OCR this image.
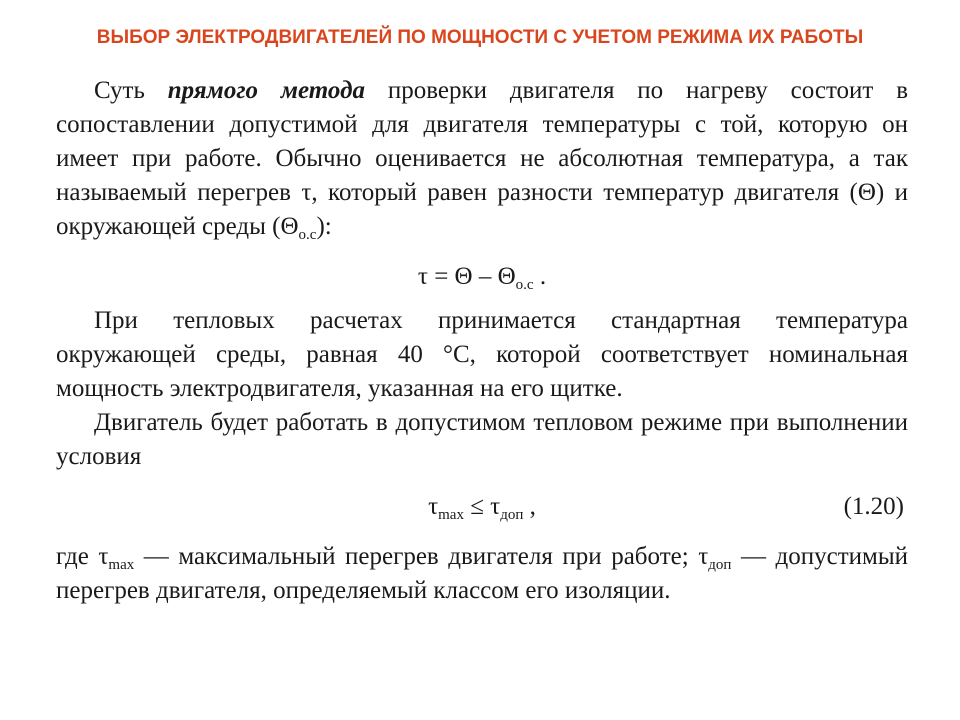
ВЫБОР ЭЛЕКТРОДВИГАТЕЛЕЙ ПО МОЩНОСТИ С УЧЕТОМ РЕЖИМА ИХ РАБОТЫ

Суть прямого метода проверки двигателя по нагреву состоит в сопоставлении допустимой для двигателя температуры с той, которую он имеет при работе. Обычно оценивается не абсолютная температура, а так называемый перегрев τ, который равен разности температур двигателя (Θ) и окружающей среды $(\Theta_{о.с})$:

$\tau = \Theta - \Theta_{о.с}$ .

При тепловых расчетах принимается стандартная температура окружающей среды, равная 40 °С, которой соответствует номинальная мощность электродвигателя, указанная на его щитке.

Двигатель будет работать в допустимом тепловом режиме при выполнении условия

$\tau_{max} \le \tau_{доп}$ ,	(1.20)

где $\tau_{max}$ — максимальный перегрев двигателя при работе; $\tau_{доп}$ — допустимый перегрев двигателя, определяемый классом его изоляции.
